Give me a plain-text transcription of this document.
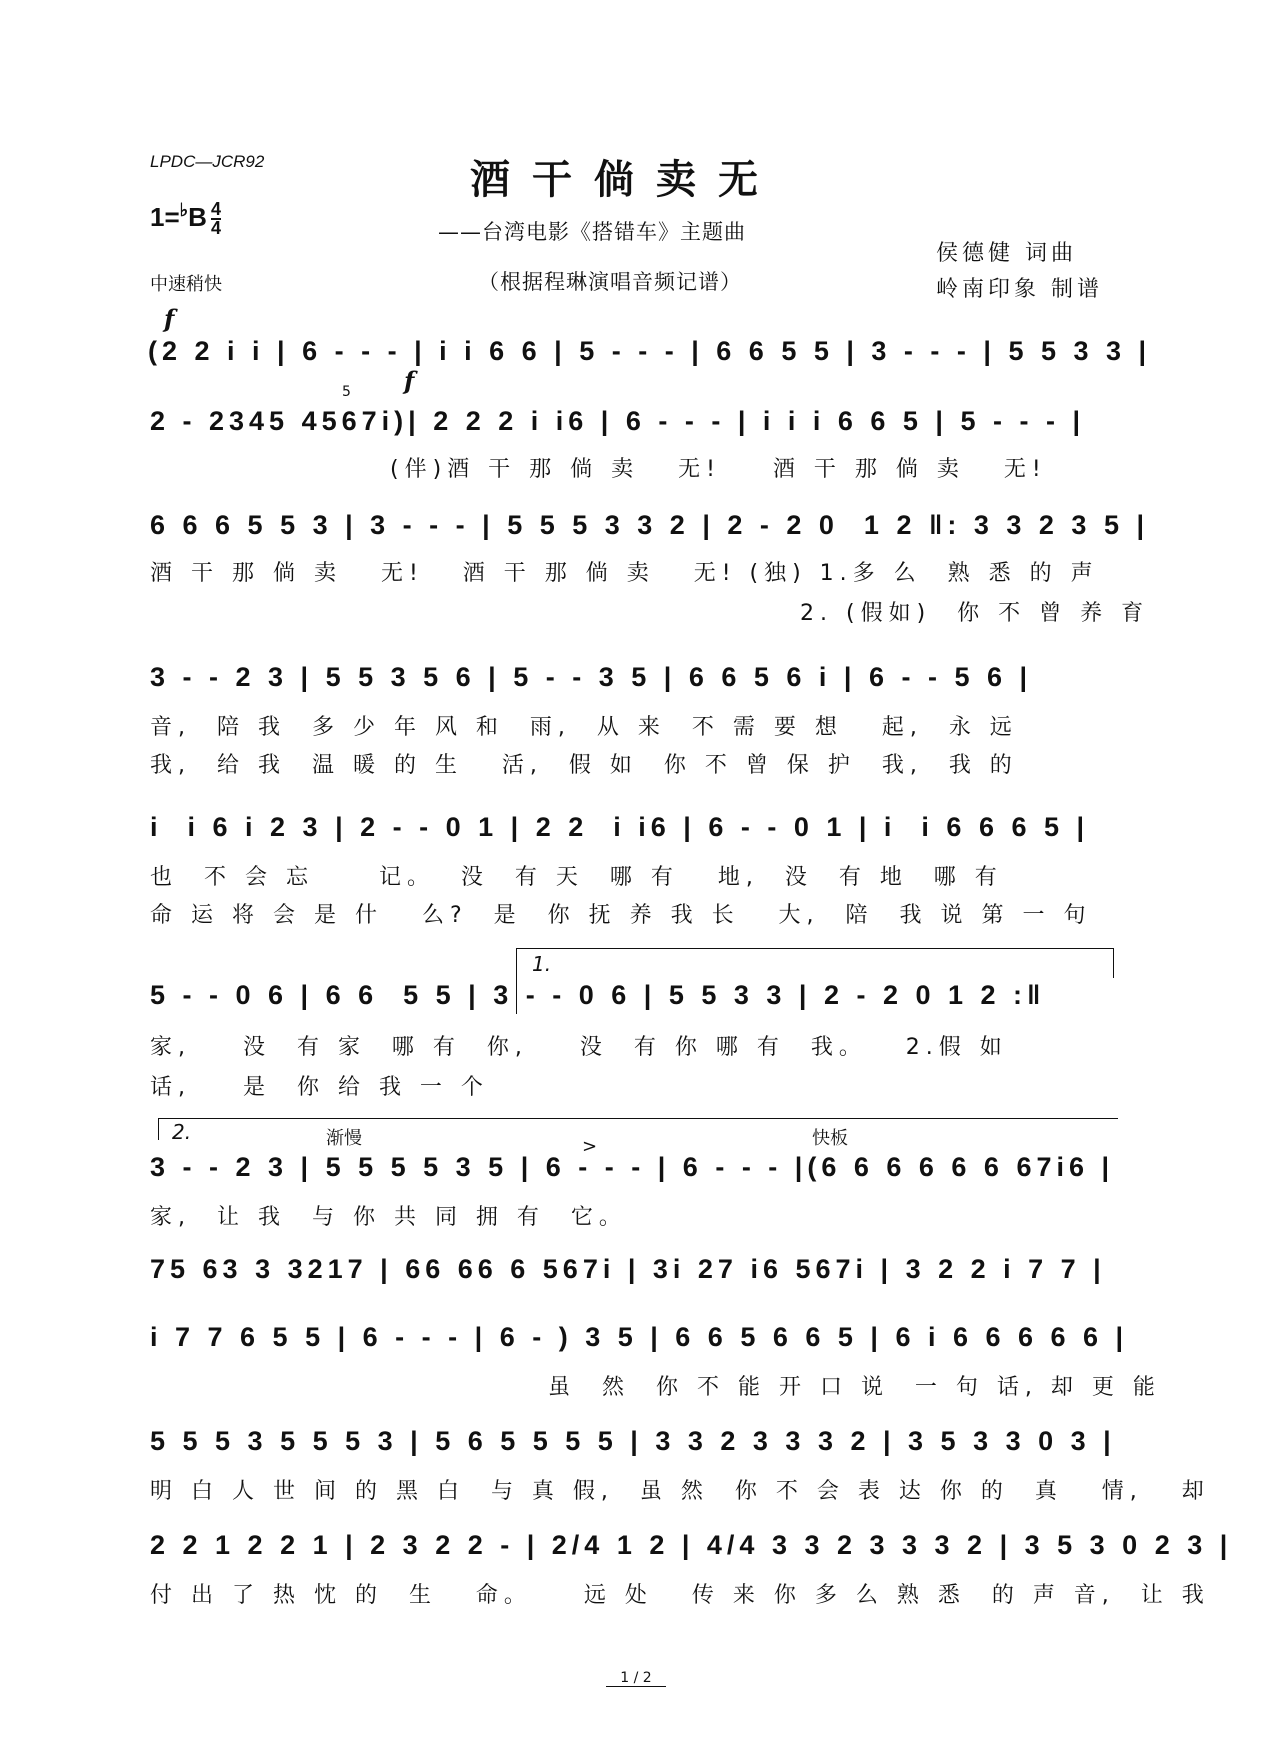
LPDC—JCR92	酒干倘卖无
$1=^♭B \frac{4}{4}$	——台湾电影《搭错车》主题曲
（根据程琳演唱音频记谱）
侯德健 词曲
岭南印象 制谱
中速稍快
f
f
5
(2 2 i i | 6 - - - | i i 6 6 | 5 - - - | 6 6 5 5 | 3 - - - | 5 5 3 3 |
2 - 2345 4567i)| 2 2 2 i i6 | 6 - - - | i i i 6 6 5 | 5 - - - |
(伴)酒 干 那 倘 卖   无!    酒 干 那 倘 卖   无!
6 6 6 5 5 3 | 3 - - - | 5 5 5 3 3 2 | 2 - 2 0  1 2 ‖: 3 3 2 3 5 |
酒 干 那 倘 卖   无!   酒 干 那 倘 卖   无! (独) 1.多 么  熟 悉 的 声
2. (假如)  你 不 曾 养 育
3 - - 2 3 | 5 5 3 5 6 | 5 - - 3 5 | 6 6 5 6 i | 6 - - 5 6 |
音,  陪 我  多 少 年 风 和  雨,  从 来  不 需 要 想   起,  永 远
我,  给 我  温 暖 的 生   活,  假 如  你 不 曾 保 护  我,  我 的
i  i 6 i 2 3 | 2 - - 0 1 | 2 2  i i6 | 6 - - 0 1 | i  i 6 6 6 5 |
也  不 会 忘     记。  没  有 天  哪 有   地,  没  有 地  哪 有
命 运 将 会 是 什   么?  是  你 抚 养 我 长   大,  陪  我 说 第 一 句
1.
5 - - 0 6 | 6 6  5 5 | 3 - - 0 6 | 5 5 3 3 | 2 - 2 0 1 2 :‖
家,    没  有 家  哪 有  你,    没  有 你 哪 有  我。   2.假 如
话,    是  你 给 我 一 个
2.	渐慢	快板
>
3 - - 2 3 | 5 5 5 5 3 5 | 6 - - - | 6 - - - |(6 6 6 6 6 6 67i6 |
家,  让 我  与 你 共 同 拥 有  它。
75 63 3 3217 | 66 66 6 567i | 3i 27 i6 567i | 3 2 2 i 7 7 |
i 7 7 6 5 5 | 6 - - - | 6 - ) 3 5 | 6 6 5 6 6 5 | 6 i 6 6 6 6 6 |
虽  然  你 不 能 开 口 说  一 句 话, 却 更 能
5 5 5 3 5 5 5 3 | 5 6 5 5 5 5 | 3 3 2 3 3 3 2 | 3 5 3 3 0 3 |
明 白 人 世 间 的 黑 白  与 真 假,  虽 然  你 不 会 表 达 你 的  真   情,   却
2 2 1 2 2 1 | 2 3 2 2 - | 2/4 1 2 | 4/4 3 3 2 3 3 3 2 | 3 5 3 0 2 3 |
付 出 了 热 忱 的  生   命。    远 处   传 来 你 多 么 熟 悉  的 声 音,  让 我
1 / 2
